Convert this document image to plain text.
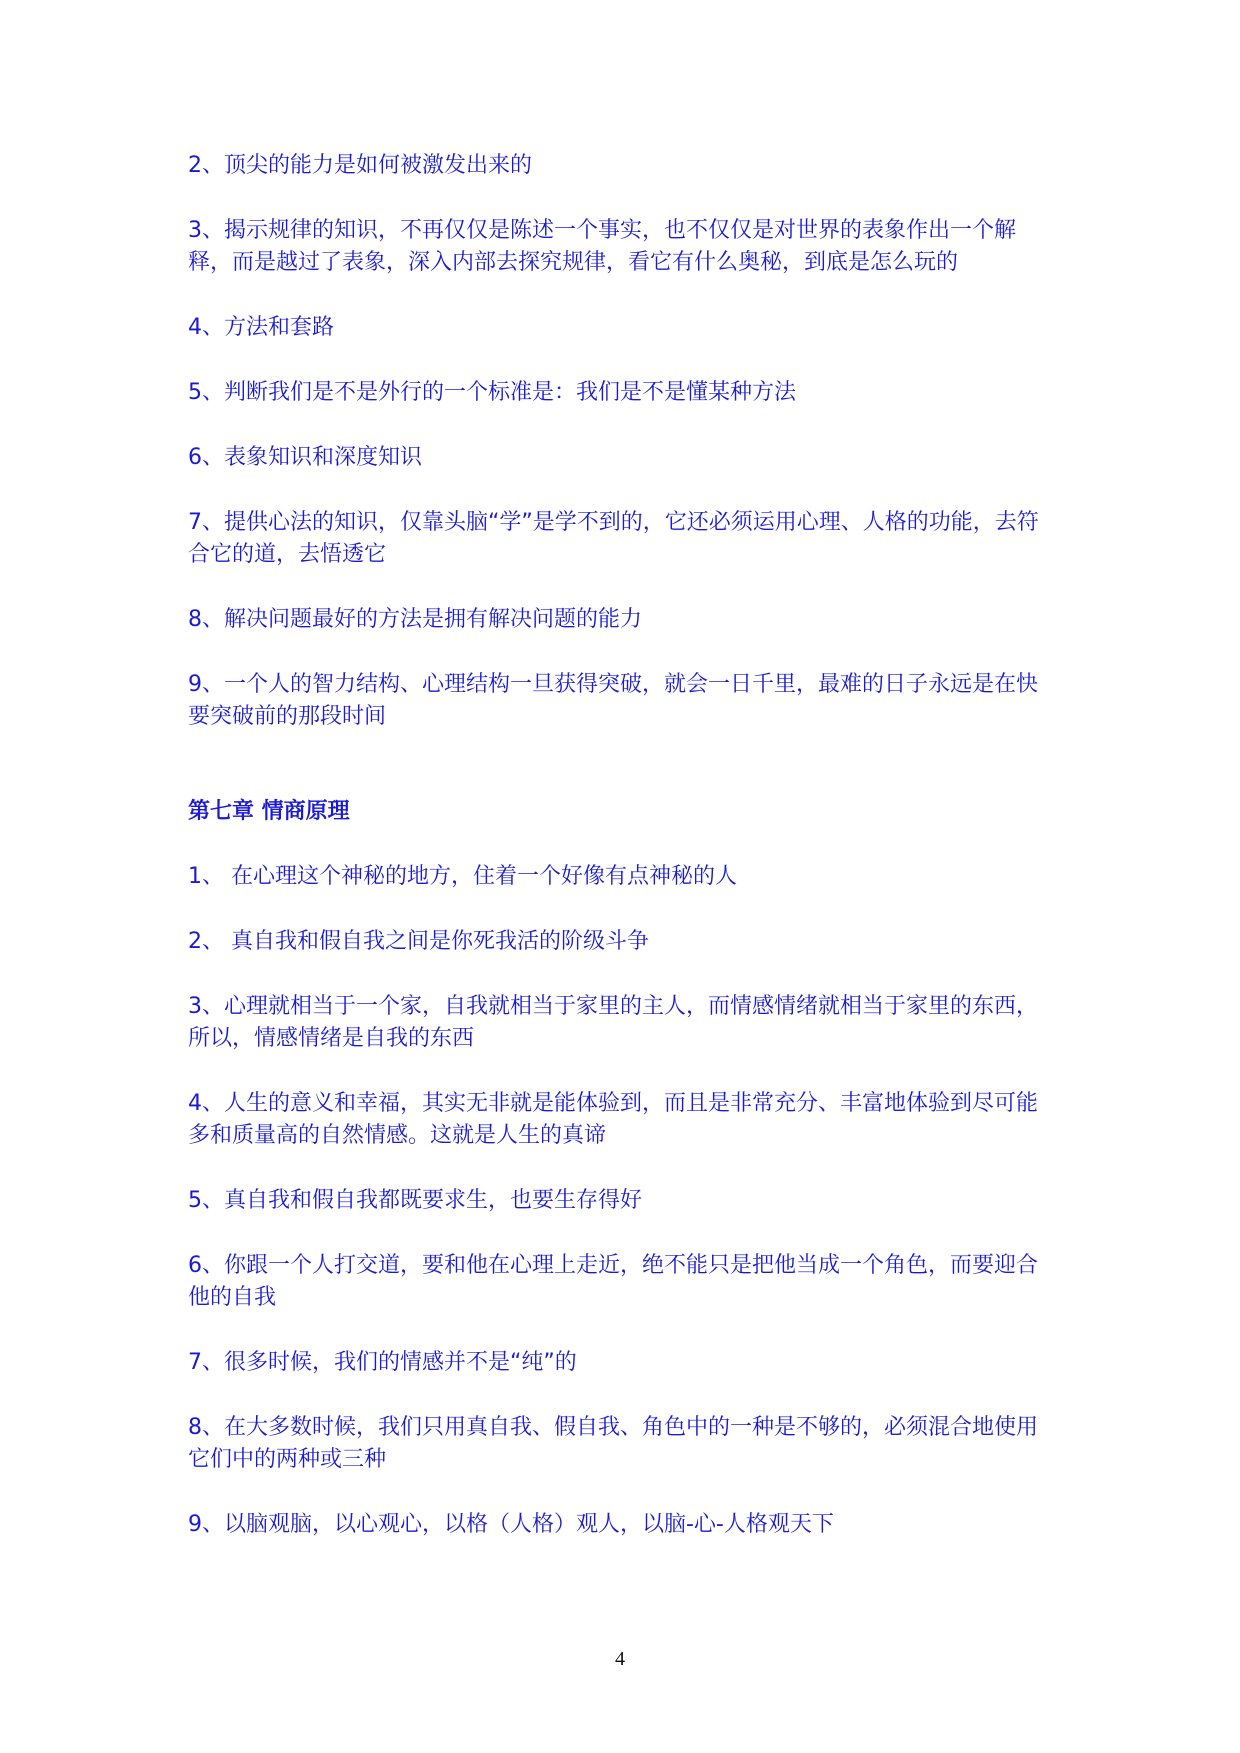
2、顶尖的能力是如何被激发出来的

3、揭示规律的知识，不再仅仅是陈述一个事实，也不仅仅是对世界的表象作出一个解释，而是越过了表象，深入内部去探究规律，看它有什么奥秘，到底是怎么玩的

4、方法和套路

5、判断我们是不是外行的一个标准是：我们是不是懂某种方法

6、表象知识和深度知识

7、提供心法的知识，仅靠头脑“学”是学不到的，它还必须运用心理、人格的功能，去符合它的道，去悟透它

8、解决问题最好的方法是拥有解决问题的能力

9、一个人的智力结构、心理结构一旦获得突破，就会一日千里，最难的日子永远是在快要突破前的那段时间

第七章 情商原理

1、 在心理这个神秘的地方，住着一个好像有点神秘的人

2、 真自我和假自我之间是你死我活的阶级斗争

3、心理就相当于一个家，自我就相当于家里的主人，而情感情绪就相当于家里的东西，所以，情感情绪是自我的东西

4、人生的意义和幸福，其实无非就是能体验到，而且是非常充分、丰富地体验到尽可能多和质量高的自然情感。这就是人生的真谛

5、真自我和假自我都既要求生，也要生存得好

6、你跟一个人打交道，要和他在心理上走近，绝不能只是把他当成一个角色，而要迎合他的自我

7、很多时候，我们的情感并不是“纯”的

8、在大多数时候，我们只用真自我、假自我、角色中的一种是不够的，必须混合地使用它们中的两种或三种

9、以脑观脑，以心观心，以格（人格）观人，以脑-心-人格观天下

4
